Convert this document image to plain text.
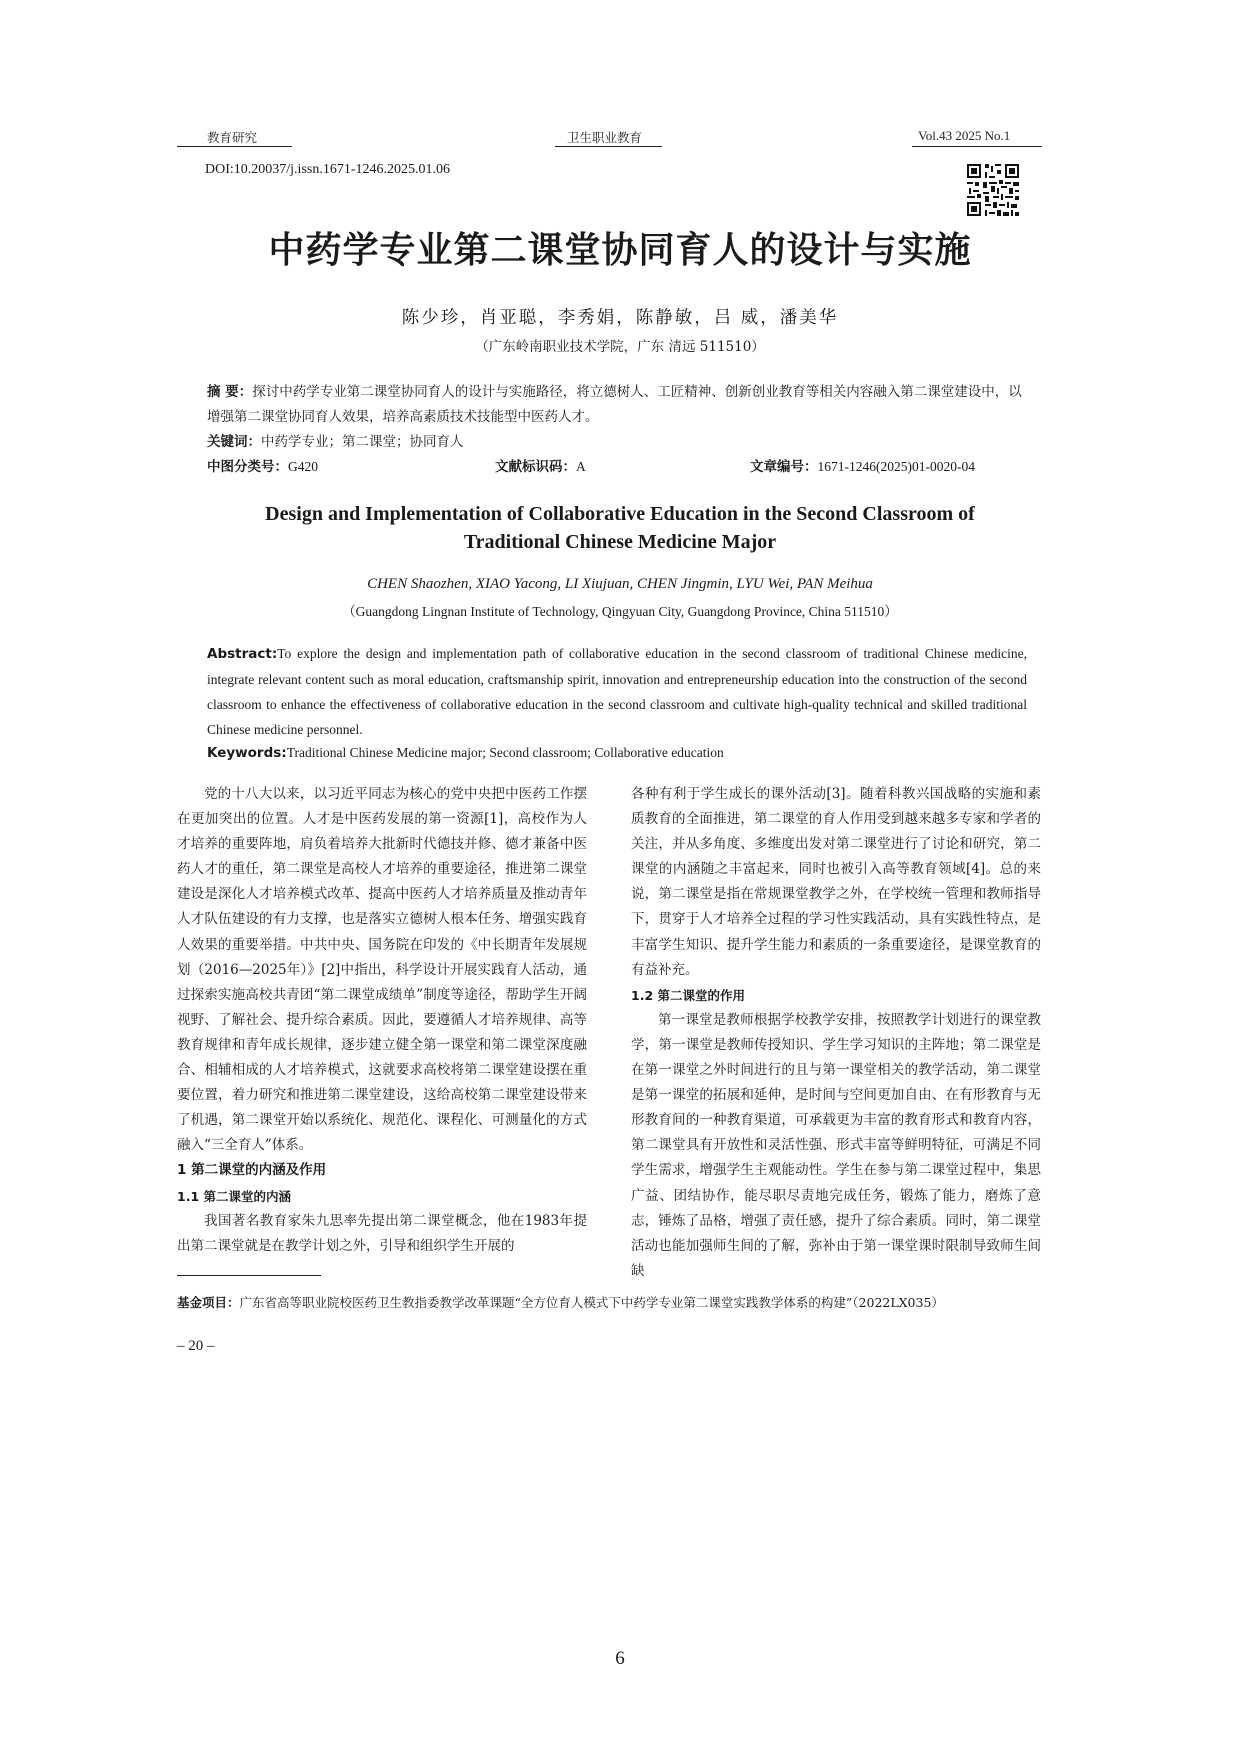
教育研究	卫生职业教育	Vol.43 2025 No.1
DOI:10.20037/j.issn.1671-1246.2025.01.06
中药学专业第二课堂协同育人的设计与实施
陈少珍，肖亚聪，李秀娟，陈静敏，吕 威，潘美华
（广东岭南职业技术学院，广东 清远 511510）
摘 要：探讨中药学专业第二课堂协同育人的设计与实施路径，将立德树人、工匠精神、创新创业教育等相关内容融入第二课堂建设中，以增强第二课堂协同育人效果，培养高素质技术技能型中医药人才。
关键词：中药学专业；第二课堂；协同育人
中图分类号：G420	文献标识码：A	文章编号：1671-1246(2025)01-0020-04
Design and Implementation of Collaborative Education in the Second Classroom of
Traditional Chinese Medicine Major
CHEN Shaozhen, XIAO Yacong, LI Xiujuan, CHEN Jingmin, LYU Wei, PAN Meihua
（Guangdong Lingnan Institute of Technology, Qingyuan City, Guangdong Province, China 511510）
Abstract:To explore the design and implementation path of collaborative education in the second classroom of traditional Chinese medicine, integrate relevant content such as moral education, craftsmanship spirit, innovation and entrepreneurship education into the construction of the second classroom to enhance the effectiveness of collaborative education in the second classroom and cultivate high-quality technical and skilled traditional Chinese medicine personnel.
Keywords:Traditional Chinese Medicine major; Second classroom; Collaborative education

党的十八大以来，以习近平同志为核心的党中央把中医药工作摆在更加突出的位置。人才是中医药发展的第一资源[1]，高校作为人才培养的重要阵地，肩负着培养大批新时代德技并修、德才兼备中医药人才的重任，第二课堂是高校人才培养的重要途径，推进第二课堂建设是深化人才培养模式改革、提高中医药人才培养质量及推动青年人才队伍建设的有力支撑，也是落实立德树人根本任务、增强实践育人效果的重要举措。中共中央、国务院在印发的《中长期青年发展规划（2016—2025年）》[2]中指出，科学设计开展实践育人活动，通过探索实施高校共青团“第二课堂成绩单”制度等途径，帮助学生开阔视野、了解社会、提升综合素质。因此，要遵循人才培养规律、高等教育规律和青年成长规律，逐步建立健全第一课堂和第二课堂深度融合、相辅相成的人才培养模式，这就要求高校将第二课堂建设摆在重要位置，着力研究和推进第二课堂建设，这给高校第二课堂建设带来了机遇，第二课堂开始以系统化、规范化、课程化、可测量化的方式融入“三全育人”体系。

1 第二课堂的内涵及作用

1.1 第二课堂的内涵

我国著名教育家朱九思率先提出第二课堂概念，他在1983年提出第二课堂就是在教学计划之外，引导和组织学生开展的

各种有利于学生成长的课外活动[3]。随着科教兴国战略的实施和素质教育的全面推进，第二课堂的育人作用受到越来越多专家和学者的关注，并从多角度、多维度出发对第二课堂进行了讨论和研究，第二课堂的内涵随之丰富起来，同时也被引入高等教育领域[4]。总的来说，第二课堂是指在常规课堂教学之外，在学校统一管理和教师指导下，贯穿于人才培养全过程的学习性实践活动，具有实践性特点，是丰富学生知识、提升学生能力和素质的一条重要途径，是课堂教育的有益补充。

1.2 第二课堂的作用

第一课堂是教师根据学校教学安排，按照教学计划进行的课堂教学，第一课堂是教师传授知识、学生学习知识的主阵地；第二课堂是在第一课堂之外时间进行的且与第一课堂相关的教学活动，第二课堂是第一课堂的拓展和延伸，是时间与空间更加自由、在有形教育与无形教育间的一种教育渠道，可承载更为丰富的教育形式和教育内容，第二课堂具有开放性和灵活性强、形式丰富等鲜明特征，可满足不同学生需求，增强学生主观能动性。学生在参与第二课堂过程中，集思广益、团结协作，能尽职尽责地完成任务，锻炼了能力，磨炼了意志，锤炼了品格，增强了责任感，提升了综合素质。同时，第二课堂活动也能加强师生间的了解，弥补由于第一课堂课时限制导致师生间缺

基金项目：广东省高等职业院校医药卫生教指委教学改革课题“全方位育人模式下中药学专业第二课堂实践教学体系的构建”（2022LX035）
– 20 –
6
